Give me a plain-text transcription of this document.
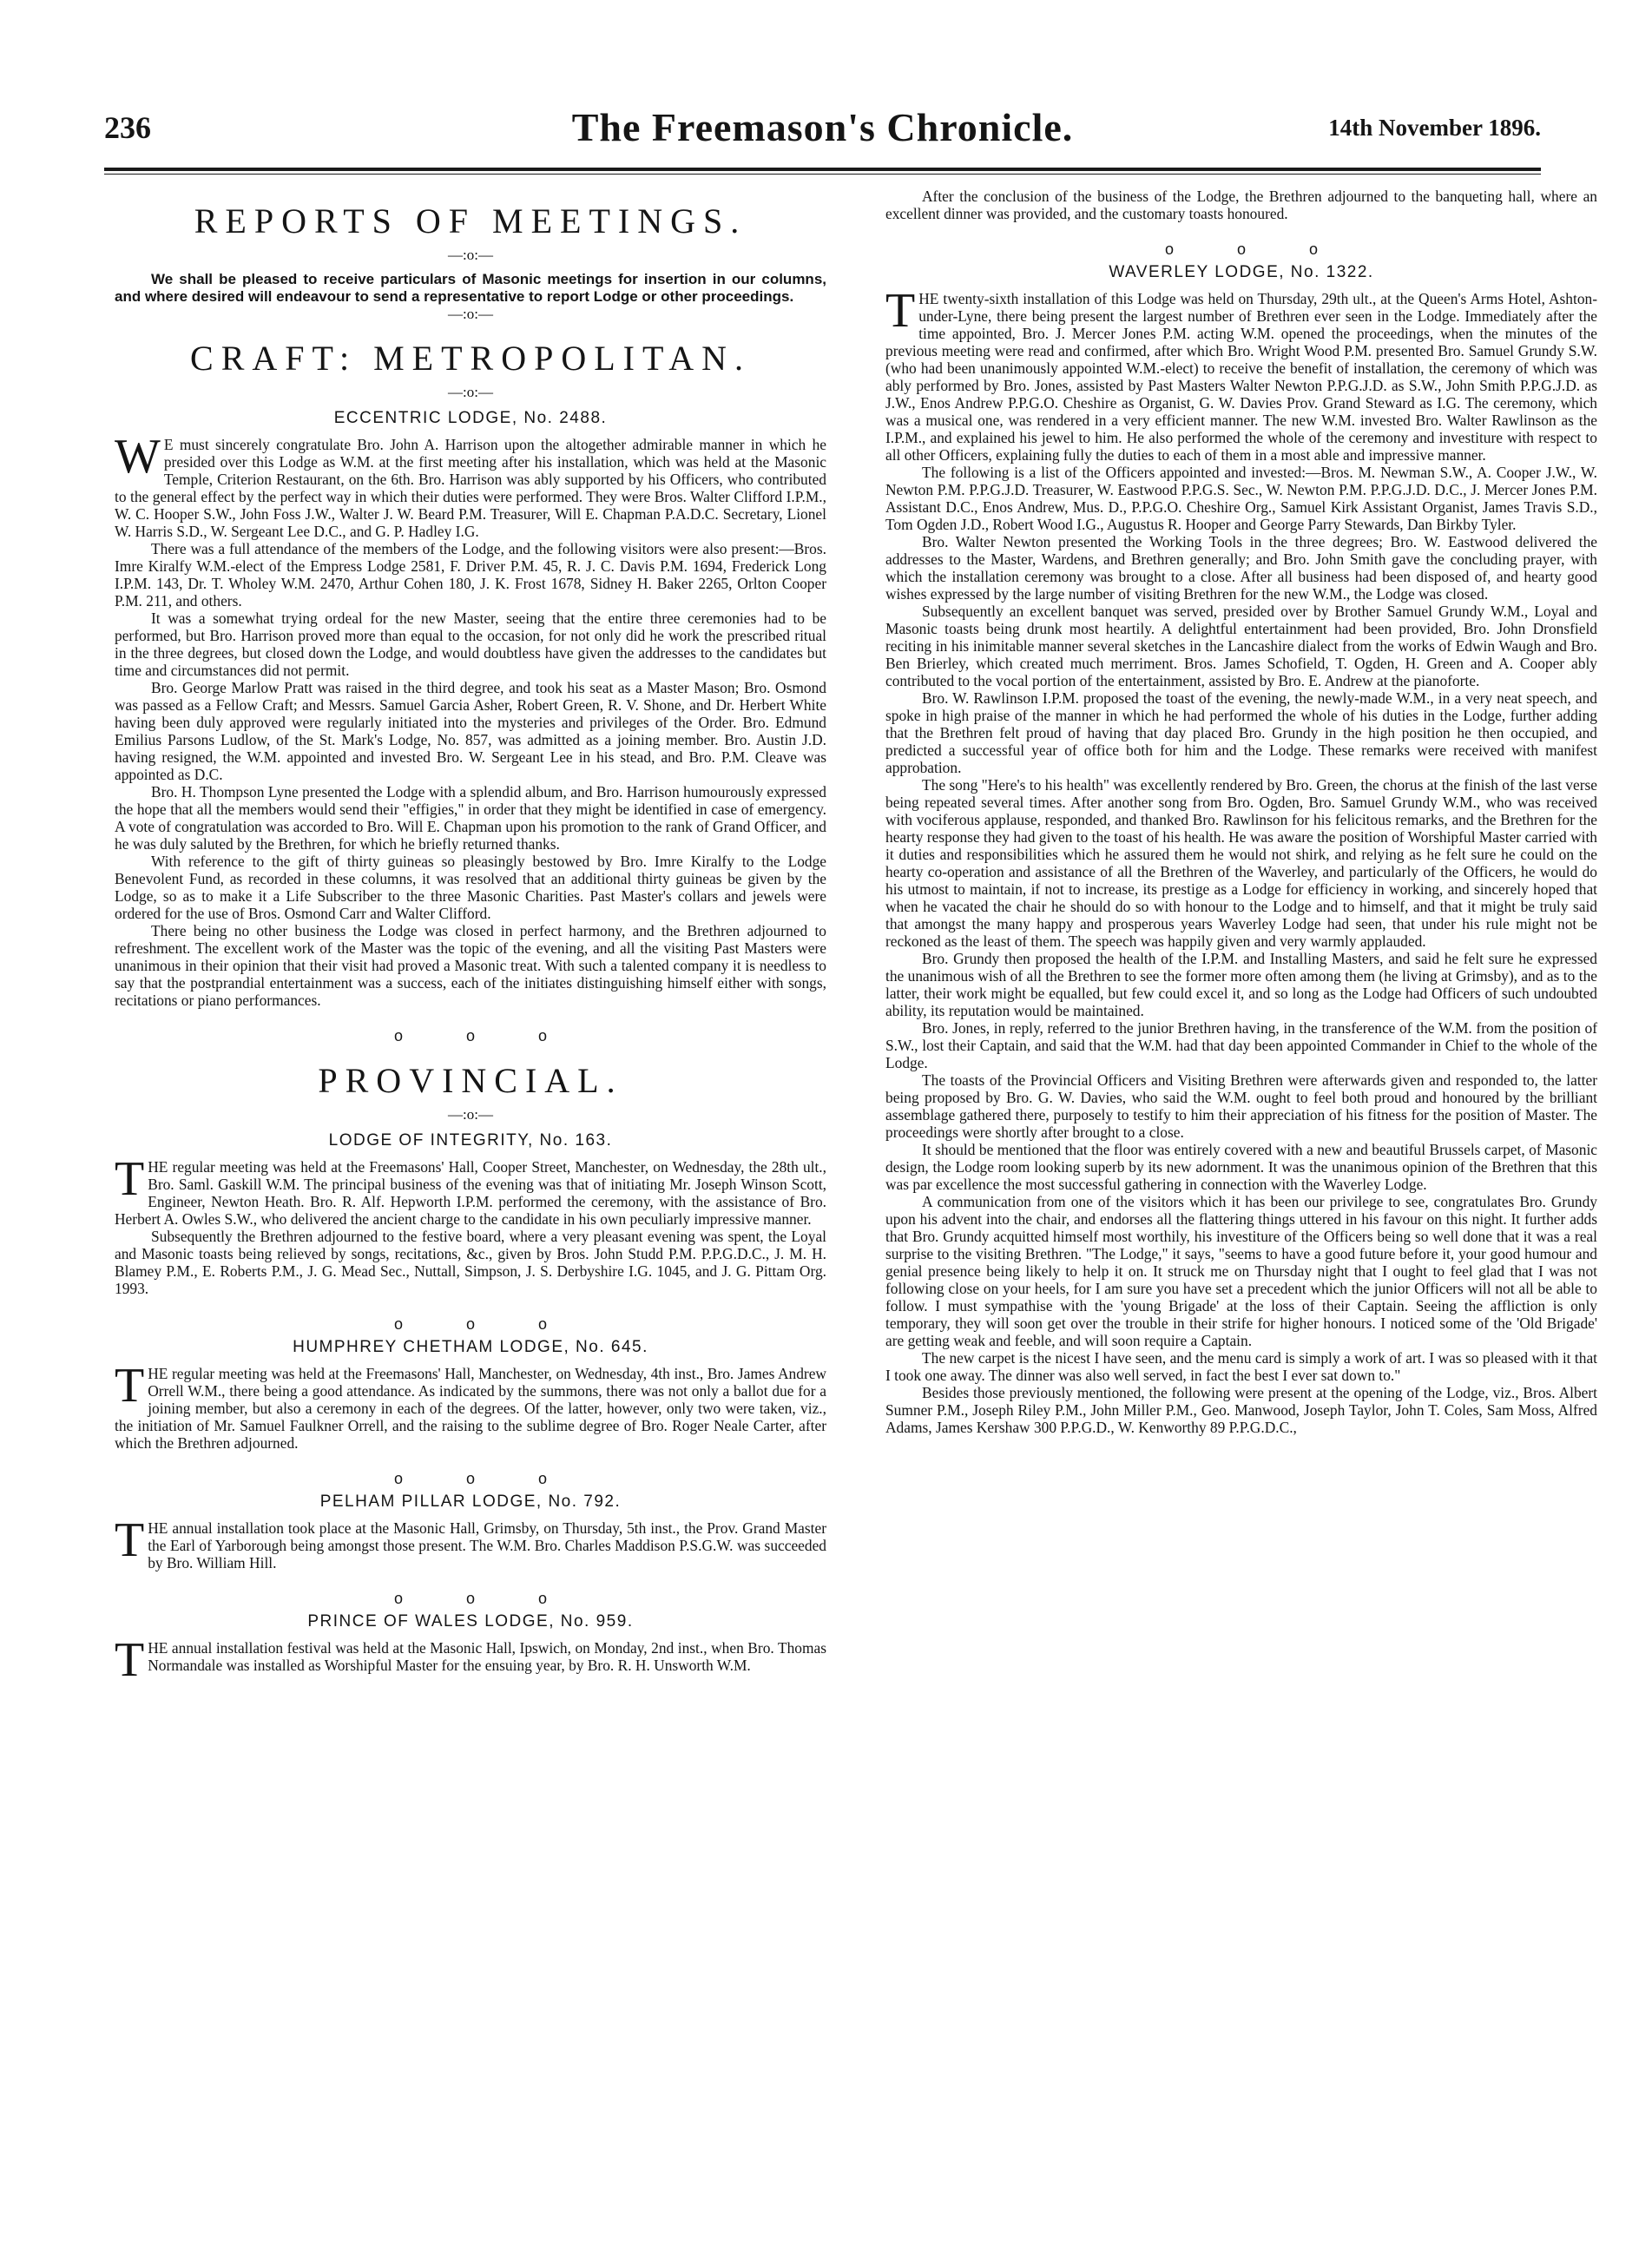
236	The Freemason's Chronicle.	14th November 1896.
REPORTS OF MEETINGS.
—:o:—

We shall be pleased to receive particulars of Masonic meetings for insertion in our columns, and where desired will endeavour to send a representative to report Lodge or other proceedings.

—:o:—
CRAFT: METROPOLITAN.
—:o:—
ECCENTRIC LODGE, No. 2488.

W E must sincerely congratulate Bro. John A. Harrison upon the altogether admirable manner in which he presided over this Lodge as W.M. at the first meeting after his installation, which was held at the Masonic Temple, Criterion Restaurant, on the 6th. Bro. Harrison was ably supported by his Officers, who contributed to the general effect by the perfect way in which their duties were performed. They were Bros. Walter Clifford I.P.M., W. C. Hooper S.W., John Foss J.W., Walter J. W. Beard P.M. Treasurer, Will E. Chapman P.A.D.C. Secretary, Lionel W. Harris S.D., W. Sergeant Lee D.C., and G. P. Hadley I.G.

There was a full attendance of the members of the Lodge, and the following visitors were also present:—Bros. Imre Kiralfy W.M.-elect of the Empress Lodge 2581, F. Driver P.M. 45, R. J. C. Davis P.M. 1694, Frederick Long I.P.M. 143, Dr. T. Wholey W.M. 2470, Arthur Cohen 180, J. K. Frost 1678, Sidney H. Baker 2265, Orlton Cooper P.M. 211, and others.

It was a somewhat trying ordeal for the new Master, seeing that the entire three ceremonies had to be performed, but Bro. Harrison proved more than equal to the occasion, for not only did he work the prescribed ritual in the three degrees, but closed down the Lodge, and would doubtless have given the addresses to the candidates but time and circumstances did not permit.

Bro. George Marlow Pratt was raised in the third degree, and took his seat as a Master Mason; Bro. Osmond was passed as a Fellow Craft; and Messrs. Samuel Garcia Asher, Robert Green, R. V. Shone, and Dr. Herbert White having been duly approved were regularly initiated into the mysteries and privileges of the Order. Bro. Edmund Emilius Parsons Ludlow, of the St. Mark's Lodge, No. 857, was admitted as a joining member. Bro. Austin J.D. having resigned, the W.M. appointed and invested Bro. W. Sergeant Lee in his stead, and Bro. P.M. Cleave was appointed as D.C.

Bro. H. Thompson Lyne presented the Lodge with a splendid album, and Bro. Harrison humourously expressed the hope that all the members would send their "effigies," in order that they might be identified in case of emergency. A vote of congratulation was accorded to Bro. Will E. Chapman upon his promotion to the rank of Grand Officer, and he was duly saluted by the Brethren, for which he briefly returned thanks.

With reference to the gift of thirty guineas so pleasingly bestowed by Bro. Imre Kiralfy to the Lodge Benevolent Fund, as recorded in these columns, it was resolved that an additional thirty guineas be given by the Lodge, so as to make it a Life Subscriber to the three Masonic Charities. Past Master's collars and jewels were ordered for the use of Bros. Osmond Carr and Walter Clifford.

There being no other business the Lodge was closed in perfect harmony, and the Brethren adjourned to refreshment. The excellent work of the Master was the topic of the evening, and all the visiting Past Masters were unanimous in their opinion that their visit had proved a Masonic treat. With such a talented company it is needless to say that the postprandial entertainment was a success, each of the initiates distinguishing himself either with songs, recitations or piano performances.

o o o
PROVINCIAL.
—:o:—
LODGE OF INTEGRITY, No. 163.

THE regular meeting was held at the Freemasons' Hall, Cooper Street, Manchester, on Wednesday, the 28th ult., Bro. Saml. Gaskill W.M. The principal business of the evening was that of initiating Mr. Joseph Winson Scott, Engineer, Newton Heath. Bro. R. Alf. Hepworth I.P.M. performed the ceremony, with the assistance of Bro. Herbert A. Owles S.W., who delivered the ancient charge to the candidate in his own peculiarly impressive manner.

Subsequently the Brethren adjourned to the festive board, where a very pleasant evening was spent, the Loyal and Masonic toasts being relieved by songs, recitations, &c., given by Bros. John Studd P.M. P.P.G.D.C., J. M. H. Blamey P.M., E. Roberts P.M., J. G. Mead Sec., Nuttall, Simpson, J. S. Derbyshire I.G. 1045, and J. G. Pittam Org. 1993.

o o o
HUMPHREY CHETHAM LODGE, No. 645.

THE regular meeting was held at the Freemasons' Hall, Manchester, on Wednesday, 4th inst., Bro. James Andrew Orrell W.M., there being a good attendance. As indicated by the summons, there was not only a ballot due for a joining member, but also a ceremony in each of the degrees. Of the latter, however, only two were taken, viz., the initiation of Mr. Samuel Faulkner Orrell, and the raising to the sublime degree of Bro. Roger Neale Carter, after which the Brethren adjourned.

o o o
PELHAM PILLAR LODGE, No. 792.

THE annual installation took place at the Masonic Hall, Grimsby, on Thursday, 5th inst., the Prov. Grand Master the Earl of Yarborough being amongst those present. The W.M. Bro. Charles Maddison P.S.G.W. was succeeded by Bro. William Hill.

o o o
PRINCE OF WALES LODGE, No. 959.

THE annual installation festival was held at the Masonic Hall, Ipswich, on Monday, 2nd inst., when Bro. Thomas Normandale was installed as Worshipful Master for the ensuing year, by Bro. R. H. Unsworth W.M.

After the conclusion of the business of the Lodge, the Brethren adjourned to the banqueting hall, where an excellent dinner was provided, and the customary toasts honoured.

o o o
WAVERLEY LODGE, No. 1322.

THE twenty-sixth installation of this Lodge was held on Thursday, 29th ult., at the Queen's Arms Hotel, Ashton-under-Lyne, there being present the largest number of Brethren ever seen in the Lodge. Immediately after the time appointed, Bro. J. Mercer Jones P.M. acting W.M. opened the proceedings, when the minutes of the previous meeting were read and confirmed, after which Bro. Wright Wood P.M. presented Bro. Samuel Grundy S.W. (who had been unanimously appointed W.M.-elect) to receive the benefit of installation, the ceremony of which was ably performed by Bro. Jones, assisted by Past Masters Walter Newton P.P.G.J.D. as S.W., John Smith P.P.G.J.D. as J.W., Enos Andrew P.P.G.O. Cheshire as Organist, G. W. Davies Prov. Grand Steward as I.G. The ceremony, which was a musical one, was rendered in a very efficient manner. The new W.M. invested Bro. Walter Rawlinson as the I.P.M., and explained his jewel to him. He also performed the whole of the ceremony and investiture with respect to all other Officers, explaining fully the duties to each of them in a most able and impressive manner.

The following is a list of the Officers appointed and invested:—Bros. M. Newman S.W., A. Cooper J.W., W. Newton P.M. P.P.G.J.D. Treasurer, W. Eastwood P.P.G.S. Sec., W. Newton P.M. P.P.G.J.D. D.C., J. Mercer Jones P.M. Assistant D.C., Enos Andrew, Mus. D., P.P.G.O. Cheshire Org., Samuel Kirk Assistant Organist, James Travis S.D., Tom Ogden J.D., Robert Wood I.G., Augustus R. Hooper and George Parry Stewards, Dan Birkby Tyler.

Bro. Walter Newton presented the Working Tools in the three degrees; Bro. W. Eastwood delivered the addresses to the Master, Wardens, and Brethren generally; and Bro. John Smith gave the concluding prayer, with which the installation ceremony was brought to a close. After all business had been disposed of, and hearty good wishes expressed by the large number of visiting Brethren for the new W.M., the Lodge was closed.

Subsequently an excellent banquet was served, presided over by Brother Samuel Grundy W.M., Loyal and Masonic toasts being drunk most heartily. A delightful entertainment had been provided, Bro. John Dronsfield reciting in his inimitable manner several sketches in the Lancashire dialect from the works of Edwin Waugh and Bro. Ben Brierley, which created much merriment. Bros. James Schofield, T. Ogden, H. Green and A. Cooper ably contributed to the vocal portion of the entertainment, assisted by Bro. E. Andrew at the pianoforte.

Bro. W. Rawlinson I.P.M. proposed the toast of the evening, the newly-made W.M., in a very neat speech, and spoke in high praise of the manner in which he had performed the whole of his duties in the Lodge, further adding that the Brethren felt proud of having that day placed Bro. Grundy in the high position he then occupied, and predicted a successful year of office both for him and the Lodge. These remarks were received with manifest approbation.

The song "Here's to his health" was excellently rendered by Bro. Green, the chorus at the finish of the last verse being repeated several times. After another song from Bro. Ogden, Bro. Samuel Grundy W.M., who was received with vociferous applause, responded, and thanked Bro. Rawlinson for his felicitous remarks, and the Brethren for the hearty response they had given to the toast of his health. He was aware the position of Worshipful Master carried with it duties and responsibilities which he assured them he would not shirk, and relying as he felt sure he could on the hearty co-operation and assistance of all the Brethren of the Waverley, and particularly of the Officers, he would do his utmost to maintain, if not to increase, its prestige as a Lodge for efficiency in working, and sincerely hoped that when he vacated the chair he should do so with honour to the Lodge and to himself, and that it might be truly said that amongst the many happy and prosperous years Waverley Lodge had seen, that under his rule might not be reckoned as the least of them. The speech was happily given and very warmly applauded.

Bro. Grundy then proposed the health of the I.P.M. and Installing Masters, and said he felt sure he expressed the unanimous wish of all the Brethren to see the former more often among them (he living at Grimsby), and as to the latter, their work might be equalled, but few could excel it, and so long as the Lodge had Officers of such undoubted ability, its reputation would be maintained.

Bro. Jones, in reply, referred to the junior Brethren having, in the transference of the W.M. from the position of S.W., lost their Captain, and said that the W.M. had that day been appointed Commander in Chief to the whole of the Lodge.

The toasts of the Provincial Officers and Visiting Brethren were afterwards given and responded to, the latter being proposed by Bro. G. W. Davies, who said the W.M. ought to feel both proud and honoured by the brilliant assemblage gathered there, purposely to testify to him their appreciation of his fitness for the position of Master. The proceedings were shortly after brought to a close.

It should be mentioned that the floor was entirely covered with a new and beautiful Brussels carpet, of Masonic design, the Lodge room looking superb by its new adornment. It was the unanimous opinion of the Brethren that this was par excellence the most successful gathering in connection with the Waverley Lodge.

A communication from one of the visitors which it has been our privilege to see, congratulates Bro. Grundy upon his advent into the chair, and endorses all the flattering things uttered in his favour on this night. It further adds that Bro. Grundy acquitted himself most worthily, his investiture of the Officers being so well done that it was a real surprise to the visiting Brethren. "The Lodge," it says, "seems to have a good future before it, your good humour and genial presence being likely to help it on. It struck me on Thursday night that I ought to feel glad that I was not following close on your heels, for I am sure you have set a precedent which the junior Officers will not all be able to follow. I must sympathise with the 'young Brigade' at the loss of their Captain. Seeing the affliction is only temporary, they will soon get over the trouble in their strife for higher honours. I noticed some of the 'Old Brigade' are getting weak and feeble, and will soon require a Captain.

The new carpet is the nicest I have seen, and the menu card is simply a work of art. I was so pleased with it that I took one away. The dinner was also well served, in fact the best I ever sat down to."

Besides those previously mentioned, the following were present at the opening of the Lodge, viz., Bros. Albert Sumner P.M., Joseph Riley P.M., John Miller P.M., Geo. Manwood, Joseph Taylor, John T. Coles, Sam Moss, Alfred Adams, James Kershaw 300 P.P.G.D., W. Kenworthy 89 P.P.G.D.C.,
